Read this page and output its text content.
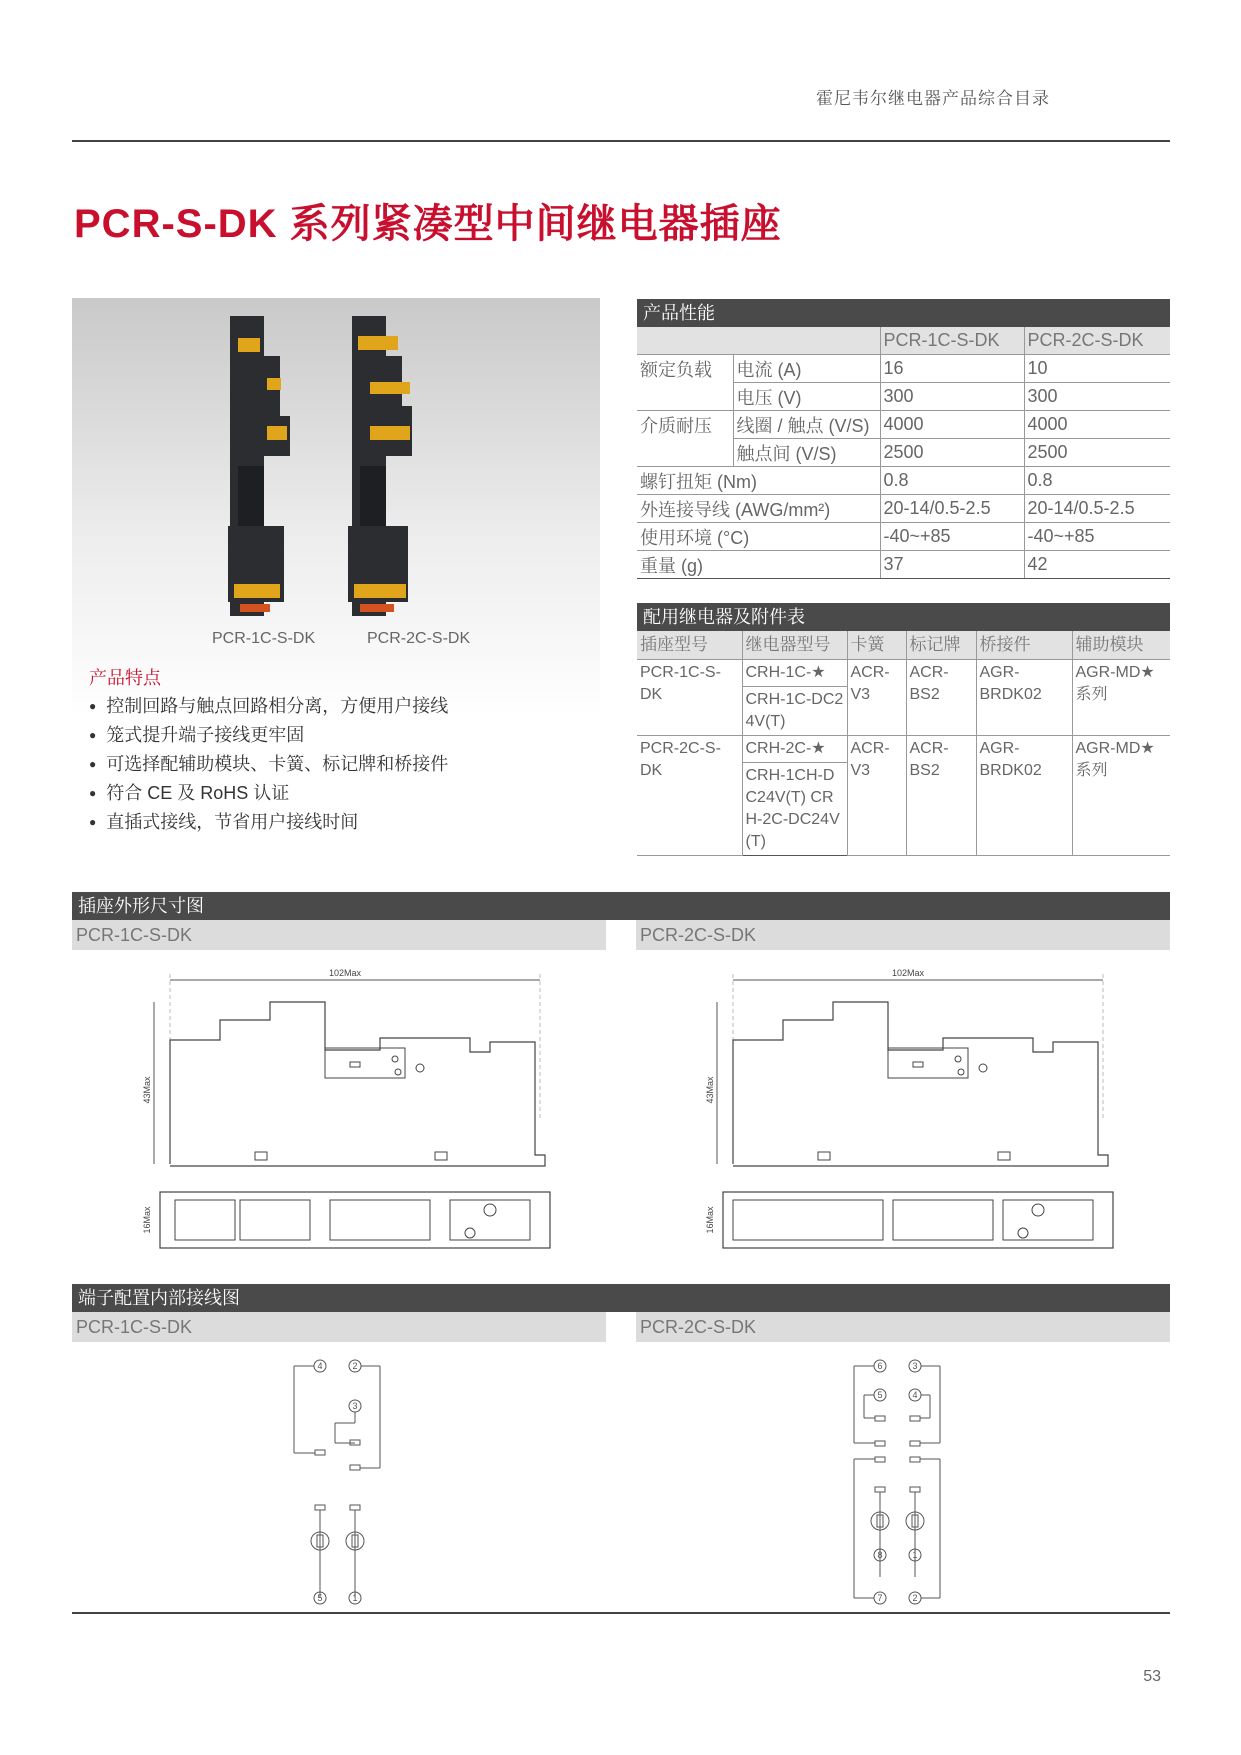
霍尼韦尔继电器产品综合目录
PCR-S-DK 系列紧凑型中间继电器插座
PCR-1C-S-DK	PCR-2C-S-DK
产品特点
● 控制回路与触点回路相分离，方便用户接线
● 笼式提升端子接线更牢固
● 可选择配辅助模块、卡簧、标记牌和桥接件
● 符合 CE 及 RoHS 认证
● 直插式接线，节省用户接线时间
产品性能
		PCR-1C-S-DK	PCR-2C-S-DK
额定负载	电流 (A)	16	10
	电压 (V)	300	300
介质耐压	线圈 / 触点 (V/S)	4000	4000
	触点间 (V/S)	2500	2500
螺钉扭矩 (Nm)		0.8	0.8
外连接导线 (AWG/mm²)		20-14/0.5-2.5	20-14/0.5-2.5
使用环境 (°C)		-40~+85	-40~+85
重量 (g)		37	42
配用继电器及附件表
插座型号	继电器型号	卡簧	标记牌	桥接件	辅助模块
PCR-1C-S-DK	CRH-1C-★	ACR-V3	ACR-BS2	AGR-BRDK02	AGR-MD★系列
	CRH-1C-DC24V(T)				
PCR-2C-S-DK	CRH-2C-★	ACR-V3	ACR-BS2	AGR-BRDK02	AGR-MD★系列
	CRH-1CH-DC24V(T) CRH-2C-DC24V(T)				
插座外形尺寸图
PCR-1C-S-DK	PCR-2C-S-DK
102Max
43Max
16Max
102Max
43Max
16Max
端子配置内部接线图
PCR-1C-S-DK	PCR-2C-S-DK
4	2
3
5	1
6	3
5	4
8	1
7	2
53
